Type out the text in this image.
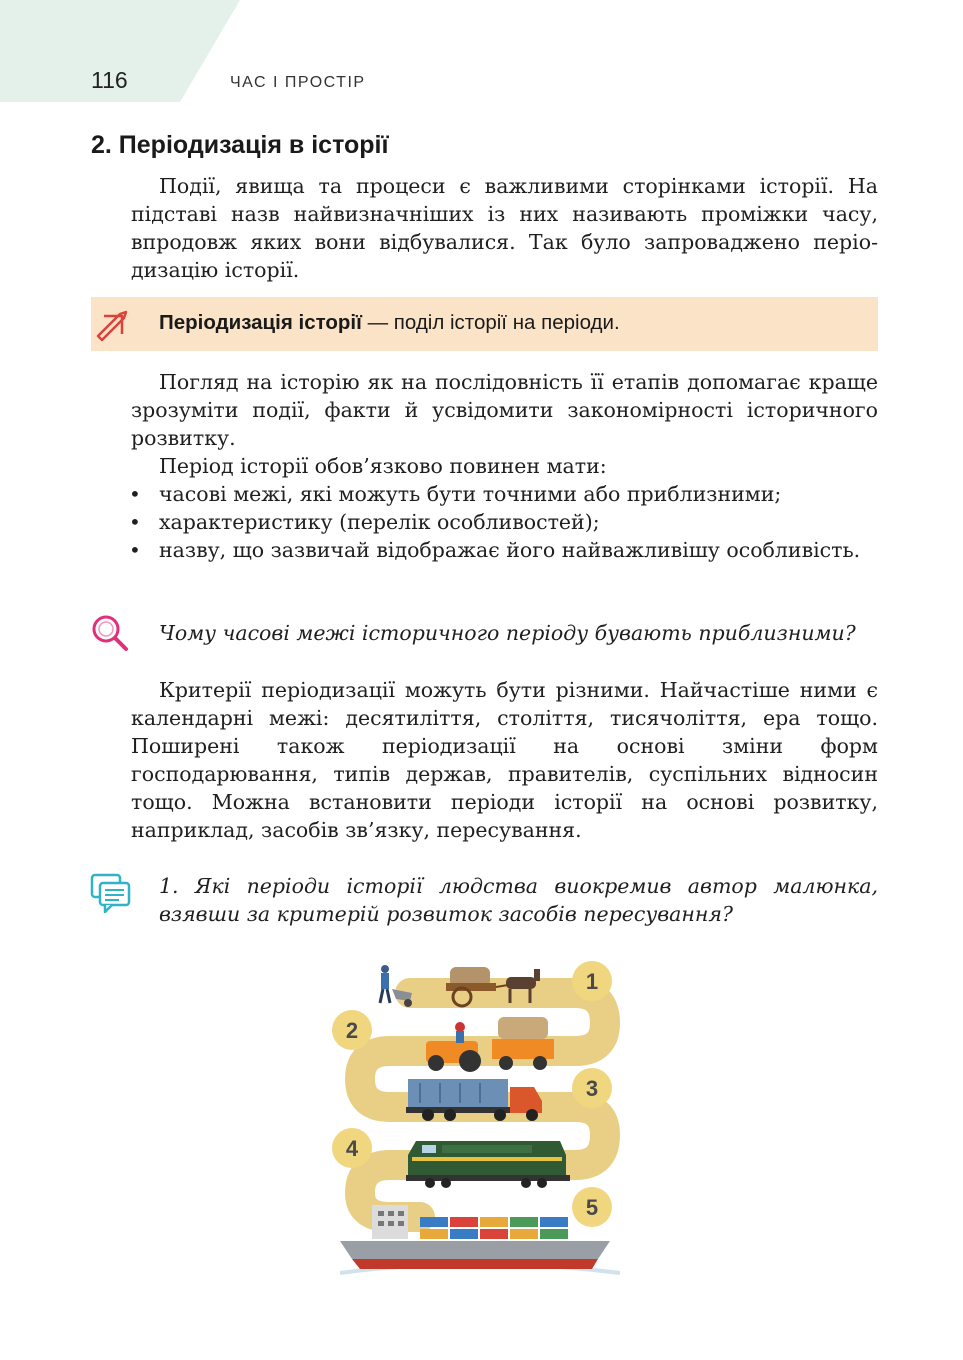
116	ЧАС І ПРОСТІР
2. Періодизація в історії

Події, явища та процеси є важливими сторінками історії. На підставі назв найвизначніших із них називають проміжки часу, впродовж яких вони відбувалися. Так було запроваджено періодизацію історії.

Періодизація історії — поділ історії на періоди.

Погляд на історію як на послідовність її етапів допомагає краще зрозуміти події, факти й усвідомити закономірності історичного розвитку.

Період історії обов’язково повинен мати:

• часові межі, які можуть бути точними або приблизними;
• характеристику (перелік особливостей);
• назву, що зазвичай відображає його найважливішу особливість.

Чому часові межі історичного періоду бувають приблизними?

Критерії періодизації можуть бути різними. Найчастіше ними є календарні межі: десятиліття, століття, тисячоліття, ера тощо. Поширені також періодизації на основі зміни форм господарювання, типів держав, правителів, суспільних відносин тощо. Можна встановити періоди історії на основі розвитку, наприклад, засобів зв’язку, пересування.

1. Які періоди історії людства виокремив автор малюнка, взявши за критерій розвиток засобів пересування?

1
2
3
4
5
